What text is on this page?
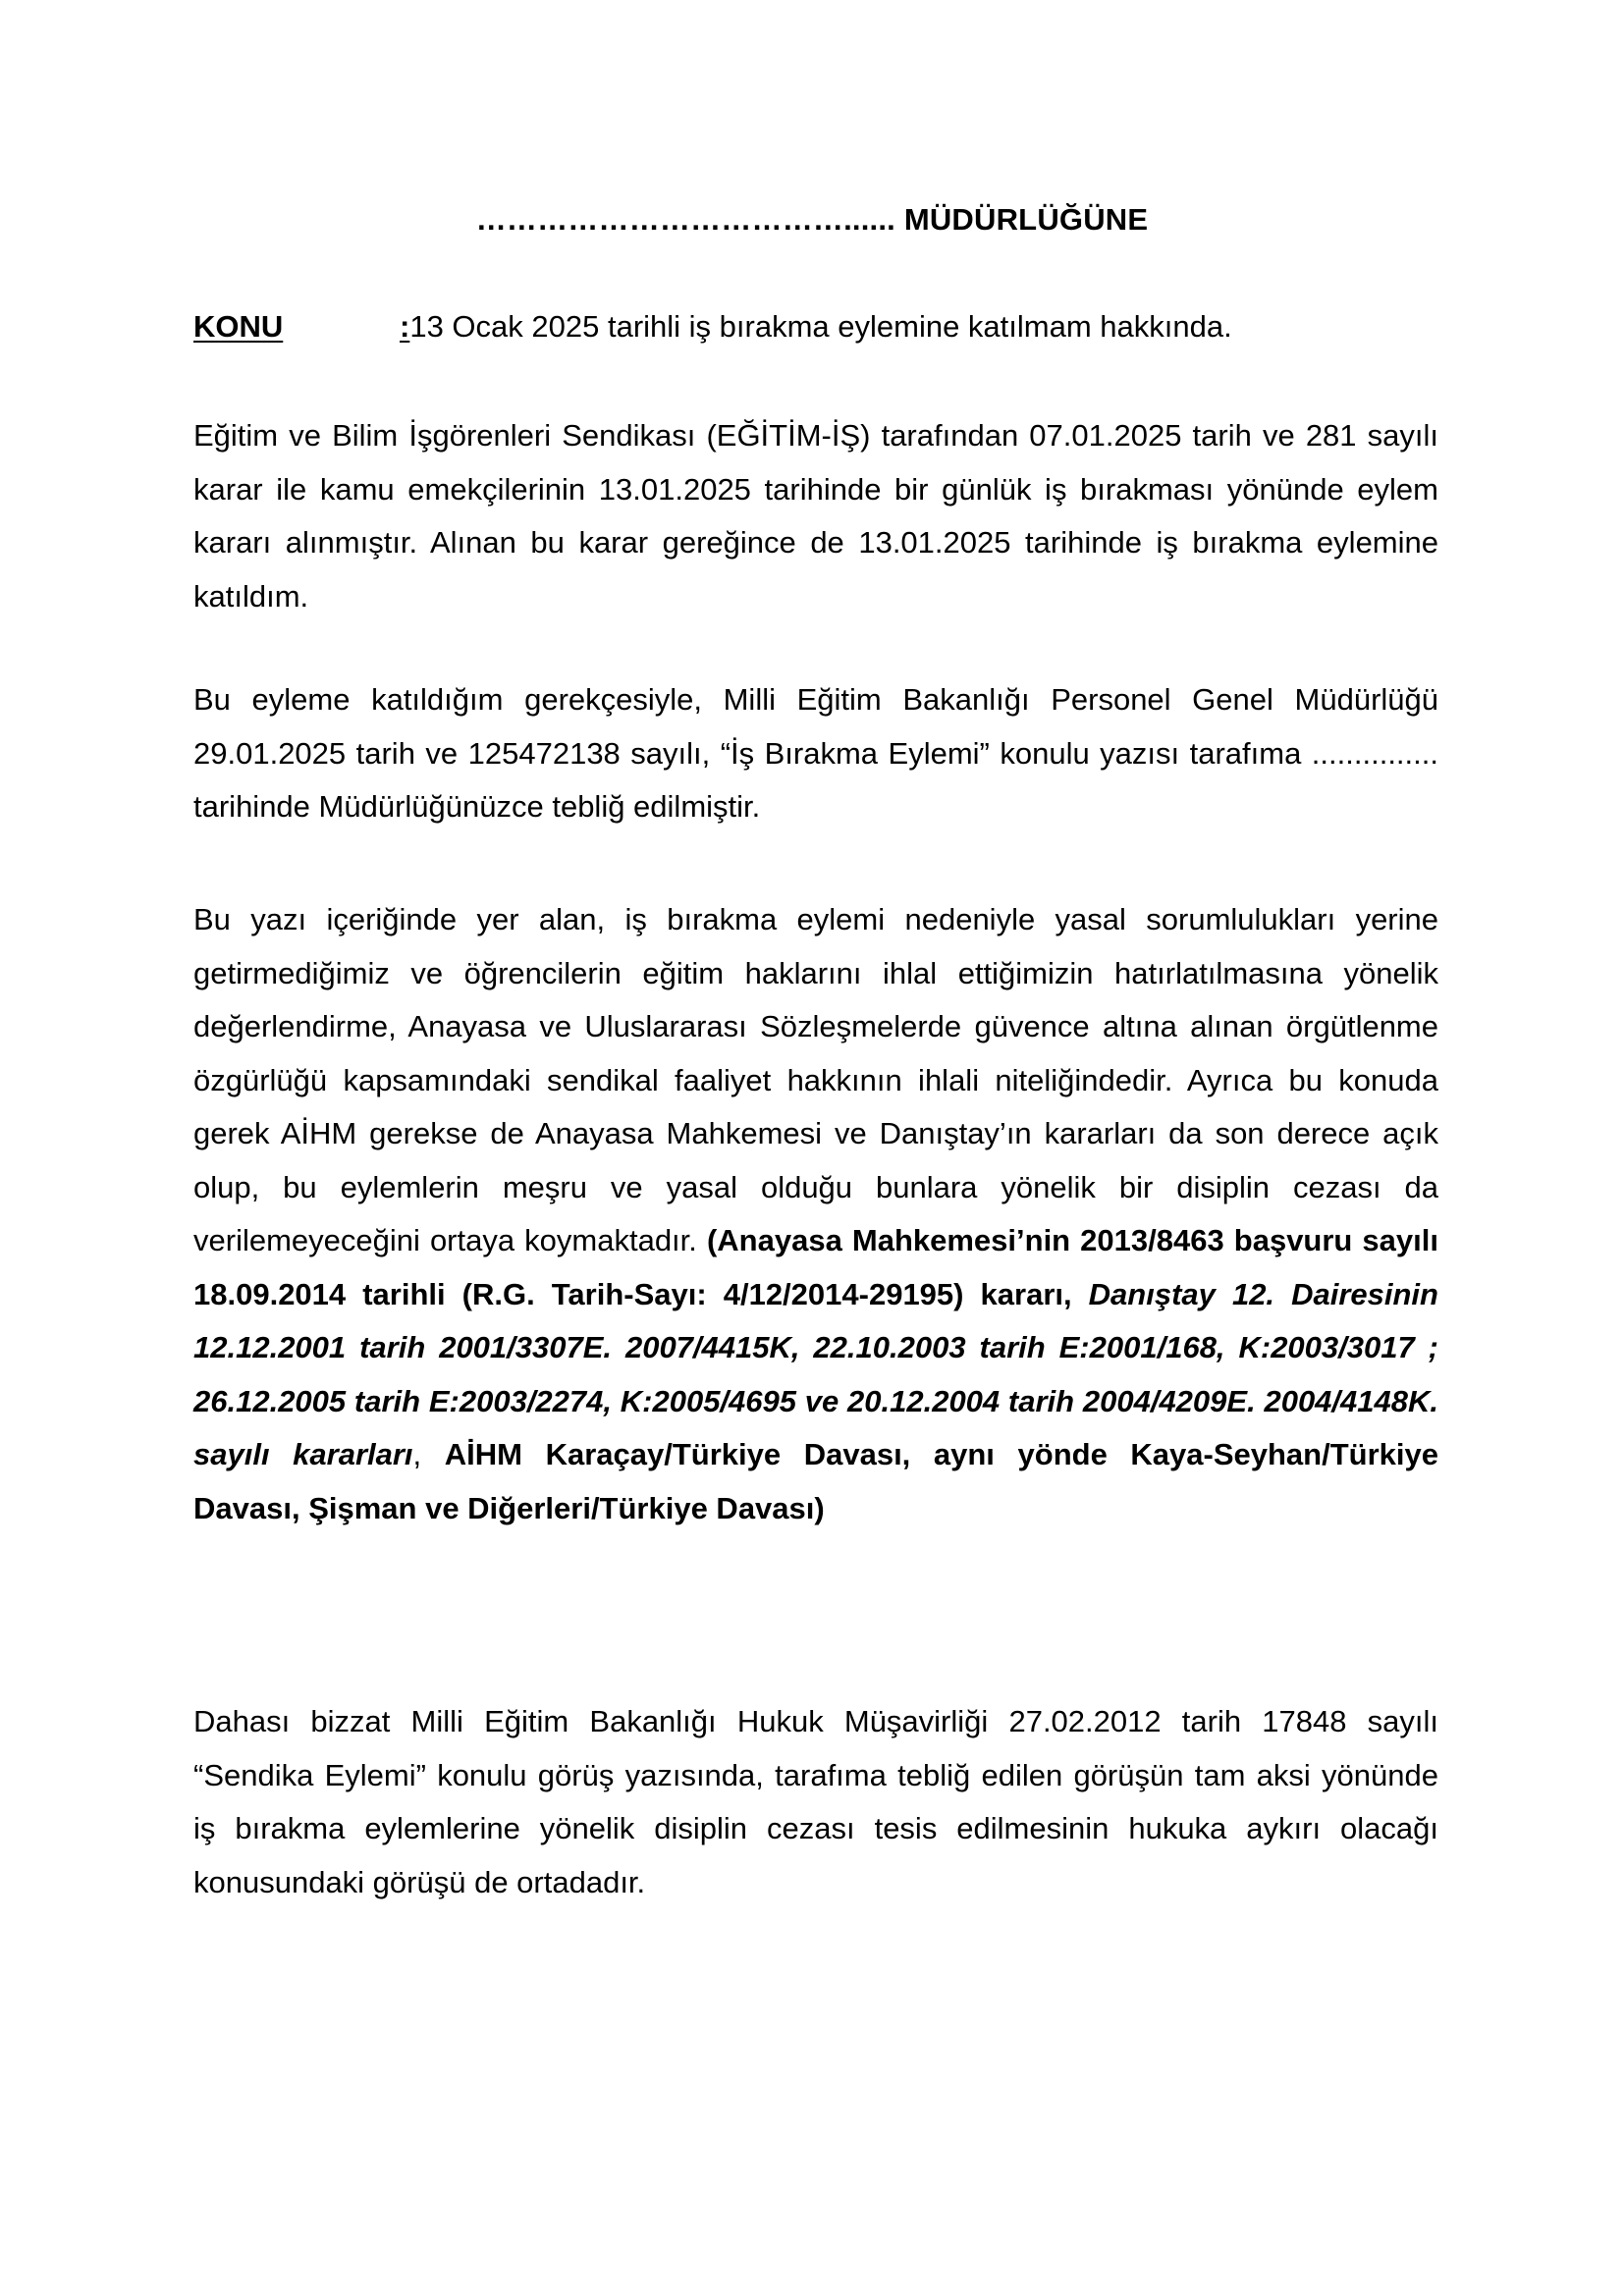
………………………………...... MÜDÜRLÜĞÜNE

KONU	:13 Ocak 2025 tarihli iş bırakma eylemine katılmam hakkında.

Eğitim ve Bilim İşgörenleri Sendikası (EĞİTİM-İŞ) tarafından 07.01.2025 tarih ve 281 sayılı karar ile kamu emekçilerinin 13.01.2025 tarihinde bir günlük iş bırakması yönünde eylem kararı alınmıştır. Alınan bu karar gereğince de 13.01.2025 tarihinde iş bırakma eylemine katıldım.

Bu eyleme katıldığım gerekçesiyle, Milli Eğitim Bakanlığı Personel Genel Müdürlüğü 29.01.2025 tarih ve 125472138 sayılı, “İş Bırakma Eylemi” konulu yazısı tarafıma ............... tarihinde Müdürlüğünüzce tebliğ edilmiştir.

Bu yazı içeriğinde yer alan, iş bırakma eylemi nedeniyle yasal sorumlulukları yerine getirmediğimiz ve öğrencilerin eğitim haklarını ihlal ettiğimizin hatırlatılmasına yönelik değerlendirme, Anayasa ve Uluslararası Sözleşmelerde güvence altına alınan örgütlenme özgürlüğü kapsamındaki sendikal faaliyet hakkının ihlali niteliğindedir. Ayrıca bu konuda gerek AİHM gerekse de Anayasa Mahkemesi ve Danıştay’ın kararları da son derece açık olup, bu eylemlerin meşru ve yasal olduğu bunlara yönelik bir disiplin cezası da verilemeyeceğini ortaya koymaktadır. (Anayasa Mahkemesi’nin 2013/8463 başvuru sayılı 18.09.2014 tarihli (R.G. Tarih-Sayı: 4/12/2014-29195) kararı, Danıştay 12. Dairesinin 12.12.2001 tarih 2001/3307E. 2007/4415K, 22.10.2003 tarih E:2001/168, K:2003/3017 ; 26.12.2005 tarih E:2003/2274, K:2005/4695 ve 20.12.2004 tarih 2004/4209E. 2004/4148K. sayılı kararları, AİHM Karaçay/Türkiye Davası, aynı yönde Kaya-Seyhan/Türkiye Davası, Şişman ve Diğerleri/Türkiye Davası)

Dahası bizzat Milli Eğitim Bakanlığı Hukuk Müşavirliği 27.02.2012 tarih 17848 sayılı “Sendika Eylemi” konulu görüş yazısında, tarafıma tebliğ edilen görüşün tam aksi yönünde iş bırakma eylemlerine yönelik disiplin cezası tesis edilmesinin hukuka aykırı olacağı konusundaki görüşü de ortadadır.
